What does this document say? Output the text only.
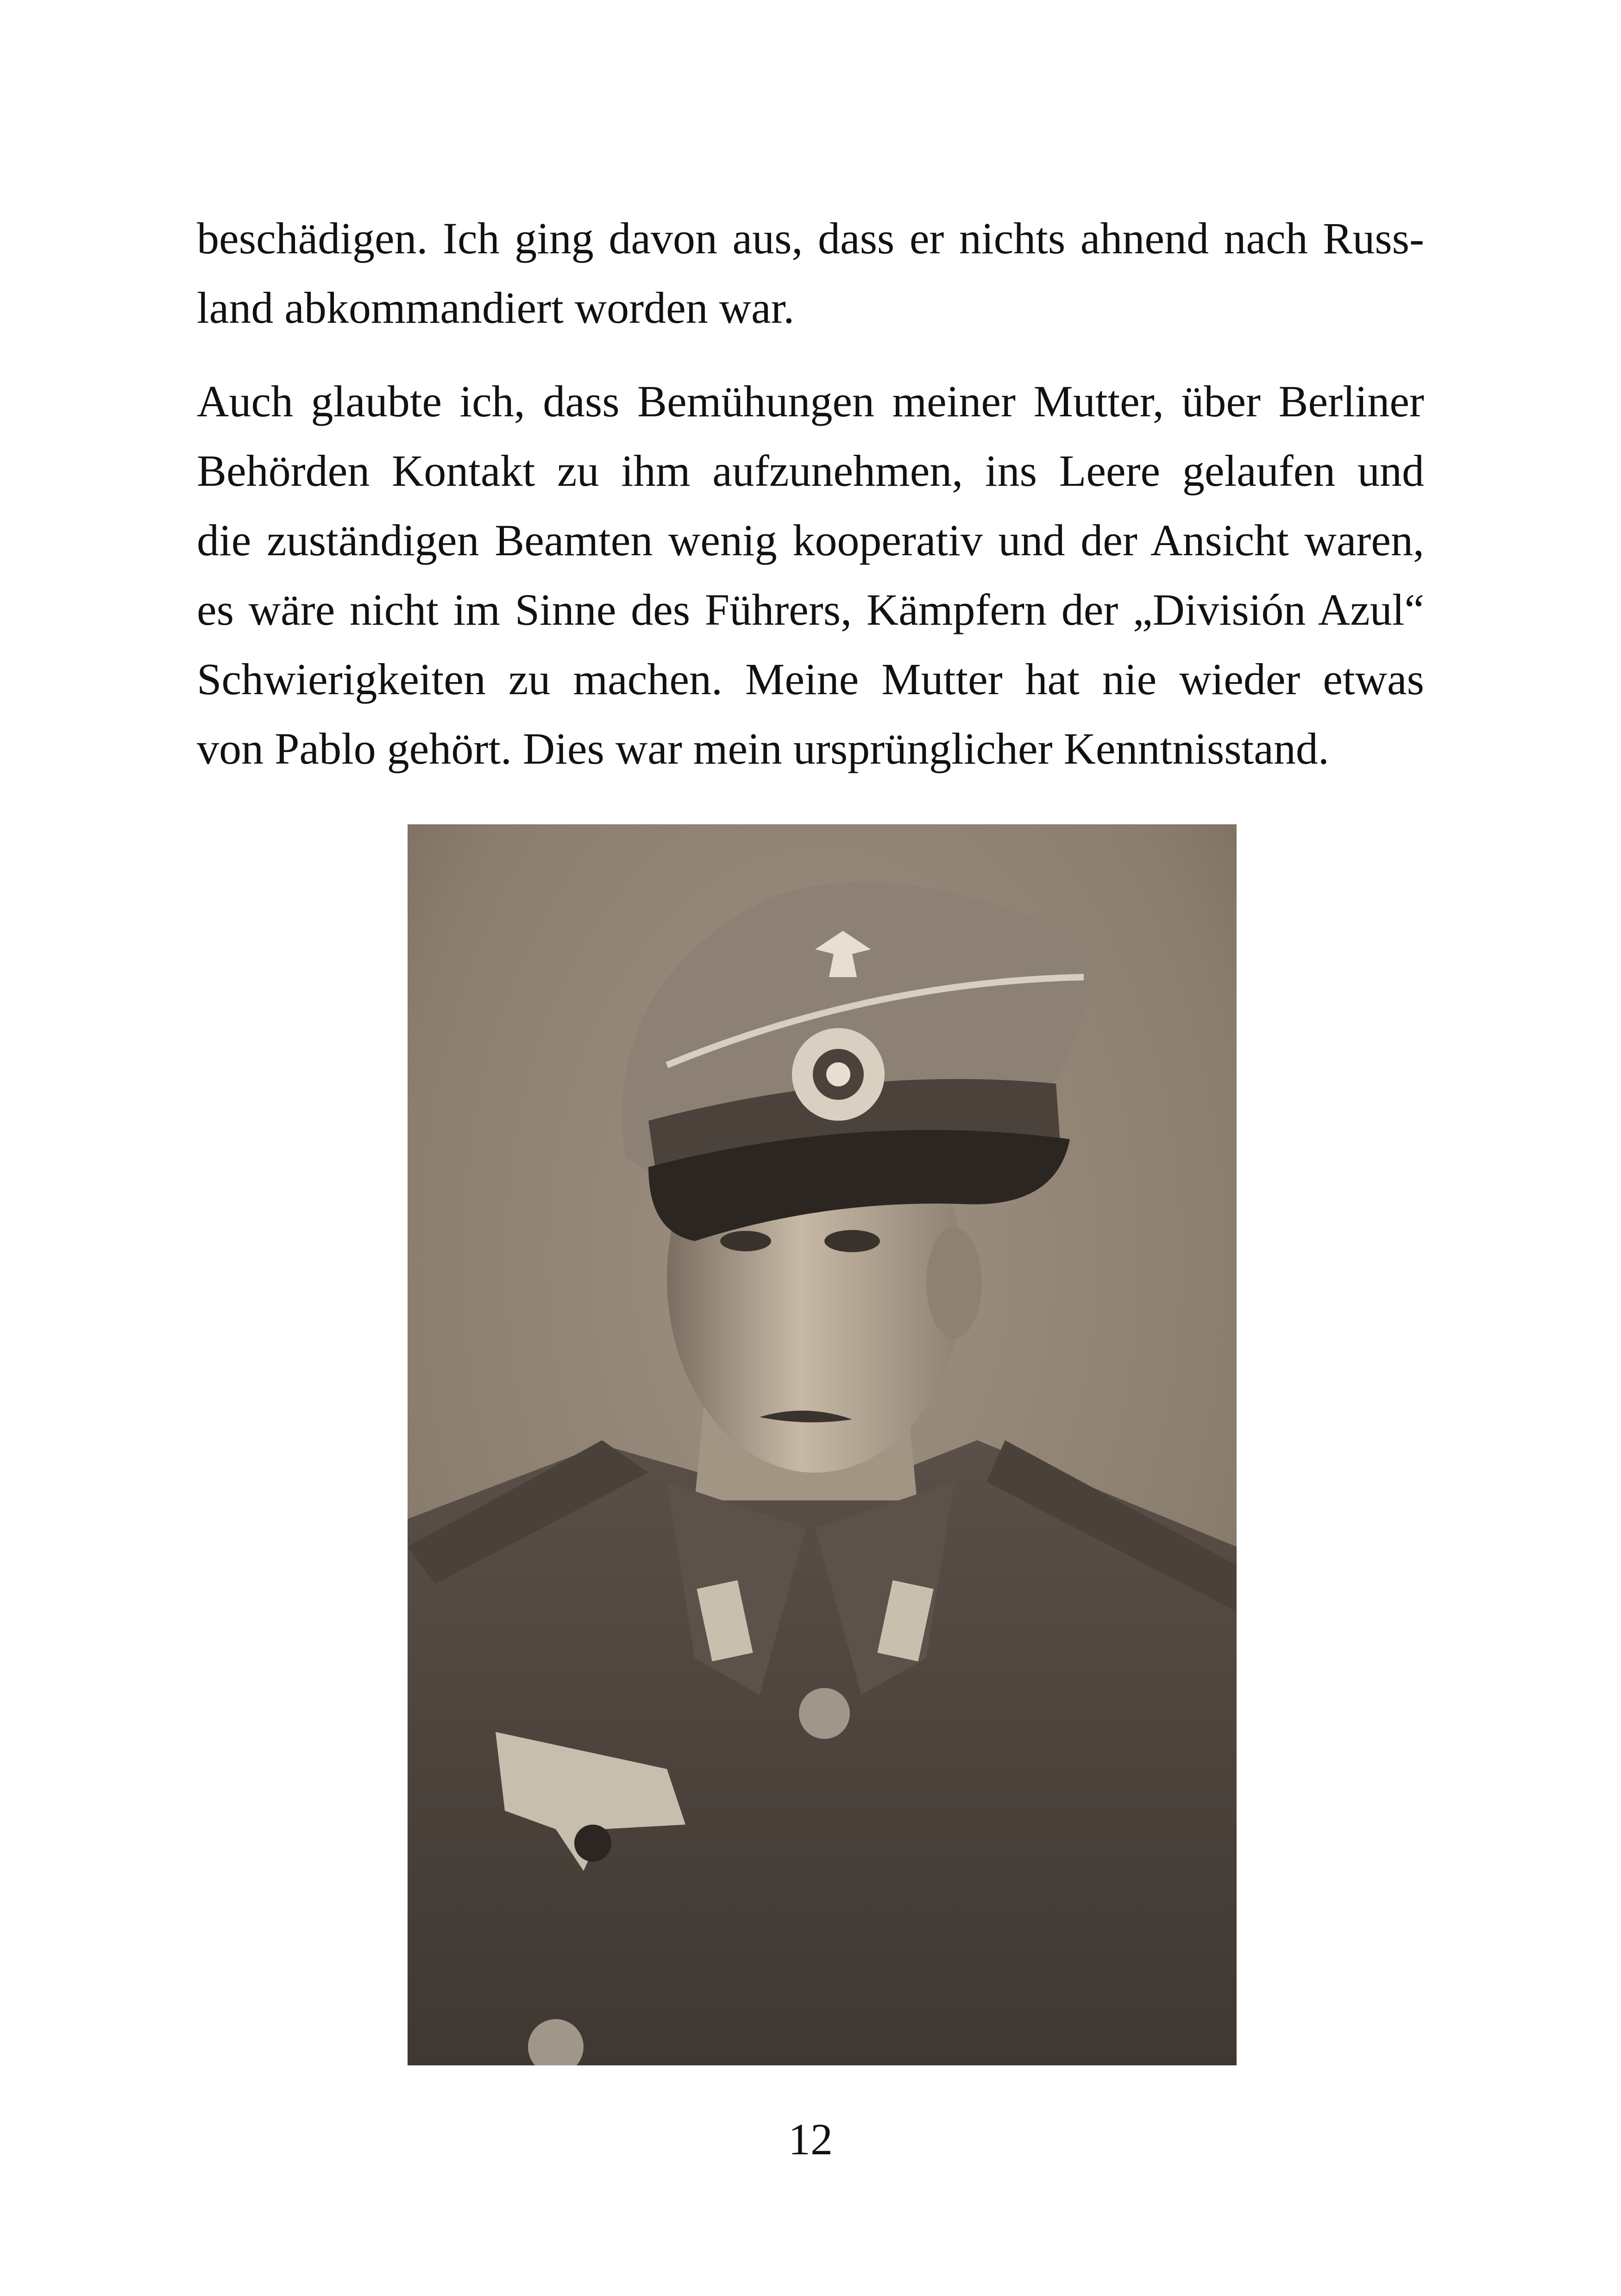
beschädigen. Ich ging davon aus, dass er nichts ahnend nach Russ-
land abkommandiert worden war.

Auch glaubte ich, dass Bemühungen meiner Mutter, über Berliner
Behörden Kontakt zu ihm aufzunehmen, ins Leere gelaufen und
die zuständigen Beamten wenig kooperativ und der Ansicht waren,
es wäre nicht im Sinne des Führers, Kämpfern der „División Azul“
Schwierigkeiten zu machen. Meine Mutter hat nie wieder etwas
von Pablo gehört. Dies war mein ursprünglicher Kenntnisstand.

12
